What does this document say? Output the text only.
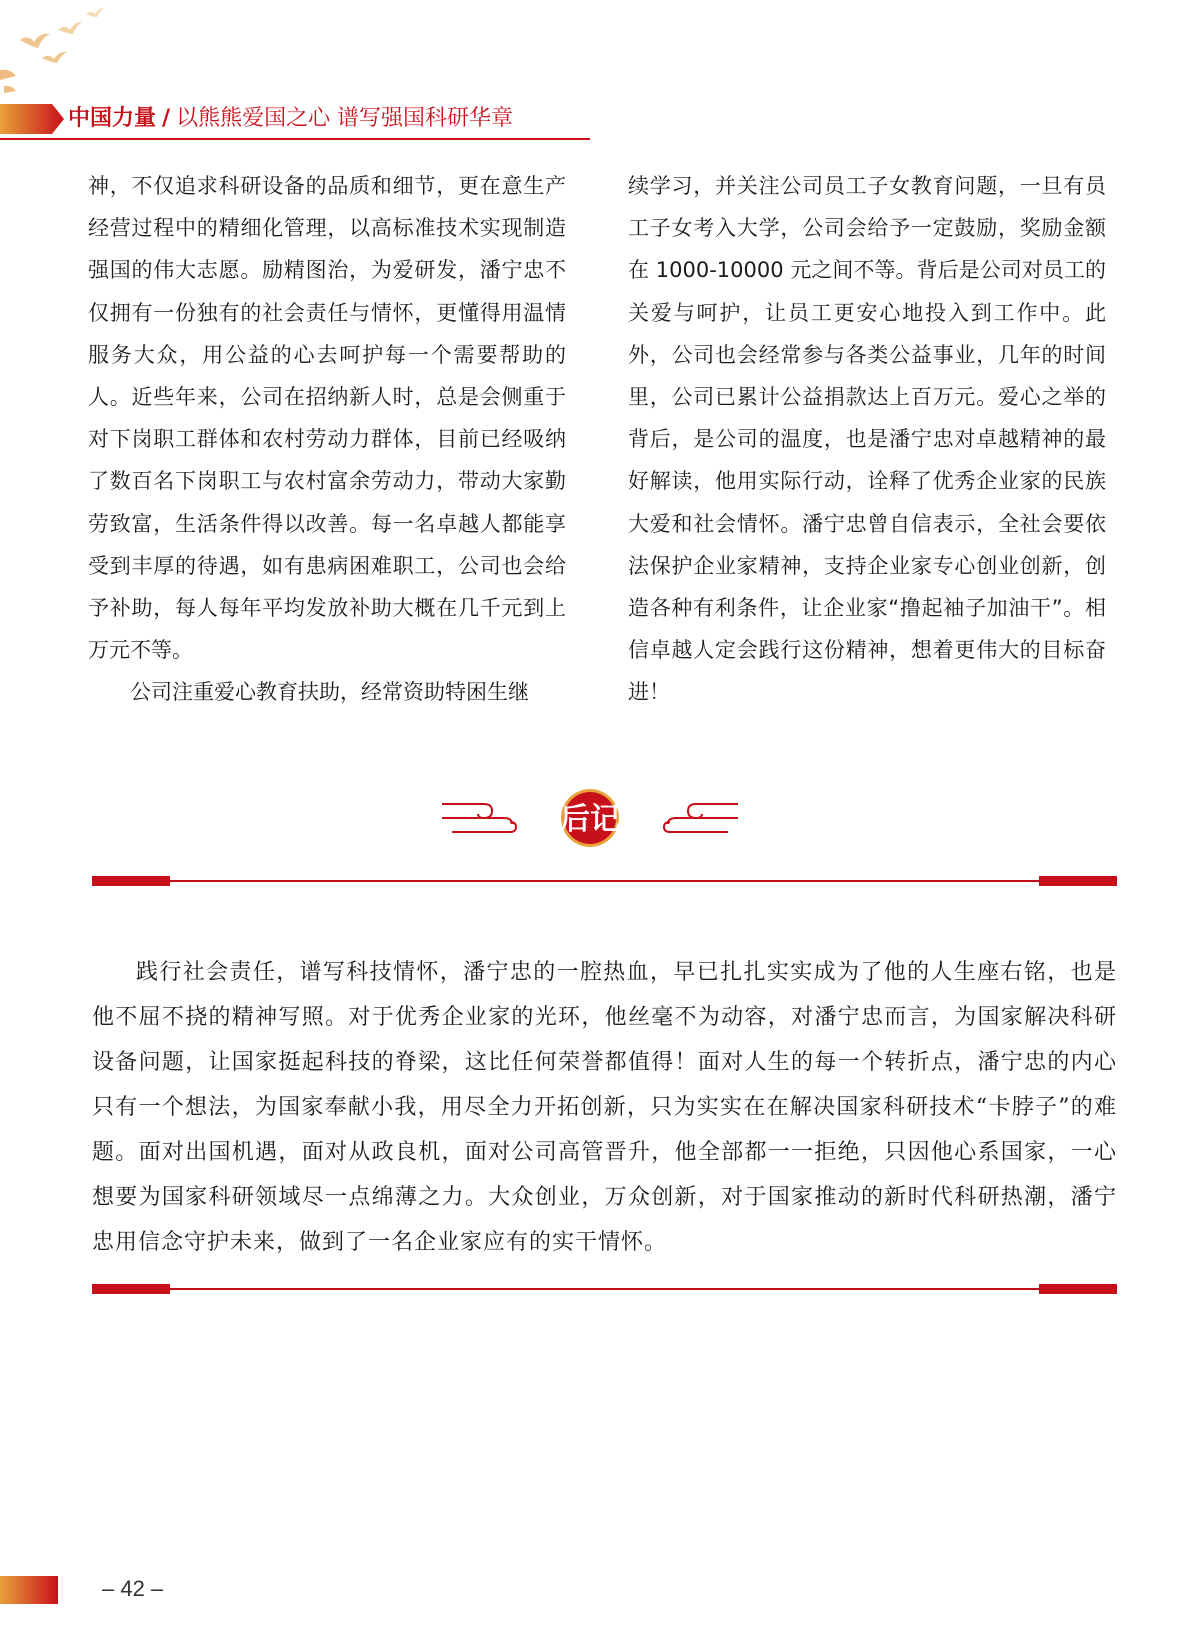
中国力量 / 以熊熊爱国之心 谱写强国科研华章

神，不仅追求科研设备的品质和细节，更在意生产经营过程中的精细化管理，以高标准技术实现制造强国的伟大志愿。励精图治，为爱研发，潘宁忠不仅拥有一份独有的社会责任与情怀，更懂得用温情服务大众，用公益的心去呵护每一个需要帮助的人。近些年来，公司在招纳新人时，总是会侧重于对下岗职工群体和农村劳动力群体，目前已经吸纳了数百名下岗职工与农村富余劳动力，带动大家勤劳致富，生活条件得以改善。每一名卓越人都能享受到丰厚的待遇，如有患病困难职工，公司也会给予补助，每人每年平均发放补助大概在几千元到上万元不等。

公司注重爱心教育扶助，经常资助特困生继

续学习，并关注公司员工子女教育问题，一旦有员工子女考入大学，公司会给予一定鼓励，奖励金额在 1000-10000 元之间不等。背后是公司对员工的关爱与呵护，让员工更安心地投入到工作中。此外，公司也会经常参与各类公益事业，几年的时间里，公司已累计公益捐款达上百万元。爱心之举的背后，是公司的温度，也是潘宁忠对卓越精神的最好解读，他用实际行动，诠释了优秀企业家的民族大爱和社会情怀。潘宁忠曾自信表示，全社会要依法保护企业家精神，支持企业家专心创业创新，创造各种有利条件，让企业家“撸起袖子加油干”。相信卓越人定会践行这份精神，想着更伟大的目标奋进！

后记

践行社会责任，谱写科技情怀，潘宁忠的一腔热血，早已扎扎实实成为了他的人生座右铭，也是他不屈不挠的精神写照。对于优秀企业家的光环，他丝毫不为动容，对潘宁忠而言，为国家解决科研设备问题，让国家挺起科技的脊梁，这比任何荣誉都值得！面对人生的每一个转折点，潘宁忠的内心只有一个想法，为国家奉献小我，用尽全力开拓创新，只为实实在在解决国家科研技术“卡脖子”的难题。面对出国机遇，面对从政良机，面对公司高管晋升，他全部都一一拒绝，只因他心系国家，一心想要为国家科研领域尽一点绵薄之力。大众创业，万众创新，对于国家推动的新时代科研热潮，潘宁忠用信念守护未来，做到了一名企业家应有的实干情怀。

– 42 –
